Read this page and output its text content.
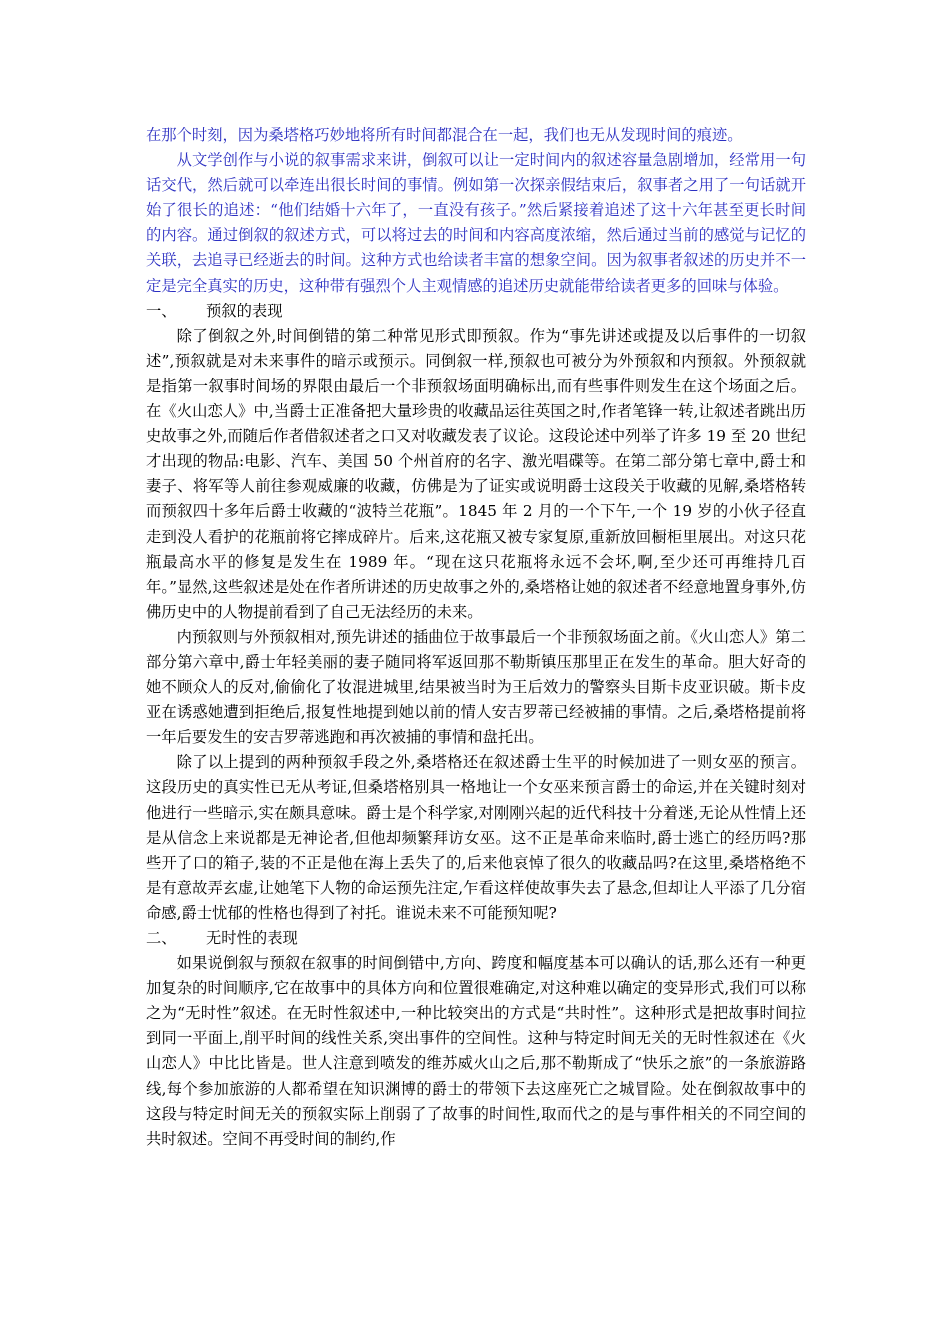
在那个时刻，因为桑塔格巧妙地将所有时间都混合在一起，我们也无从发现时间的痕迹。

从文学创作与小说的叙事需求来讲，倒叙可以让一定时间内的叙述容量急剧增加，经常用一句话交代，然后就可以牵连出很长时间的事情。例如第一次探亲假结束后，叙事者之用了一句话就开始了很长的追述：“他们结婚十六年了，一直没有孩子。”然后紧接着追述了这十六年甚至更长时间的内容。通过倒叙的叙述方式，可以将过去的时间和内容高度浓缩，然后通过当前的感觉与记忆的关联，去追寻已经逝去的时间。这种方式也给读者丰富的想象空间。因为叙事者叙述的历史并不一定是完全真实的历史，这种带有强烈个人主观情感的追述历史就能带给读者更多的回味与体验。

一、 预叙的表现

除了倒叙之外,时间倒错的第二种常见形式即预叙。作为“事先讲述或提及以后事件的一切叙述”,预叙就是对未来事件的暗示或预示。同倒叙一样,预叙也可被分为外预叙和内预叙。外预叙就是指第一叙事时间场的界限由最后一个非预叙场面明确标出,而有些事件则发生在这个场面之后。在《火山恋人》中,当爵士正准备把大量珍贵的收藏品运往英国之时,作者笔锋一转,让叙述者跳出历史故事之外,而随后作者借叙述者之口又对收藏发表了议论。这段论述中列举了许多 19 至 20 世纪才出现的物品:电影、汽车、美国 50 个州首府的名字、激光唱碟等。在第二部分第七章中,爵士和妻子、将军等人前往参观威廉的收藏，仿佛是为了证实或说明爵士这段关于收藏的见解,桑塔格转而预叙四十多年后爵士收藏的“波特兰花瓶”。1845 年 2 月的一个下午,一个 19 岁的小伙子径直走到没人看护的花瓶前将它摔成碎片。后来,这花瓶又被专家复原,重新放回橱柜里展出。对这只花瓶最高水平的修复是发生在 1989 年。“现在这只花瓶将永远不会坏,啊,至少还可再维持几百年。”显然,这些叙述是处在作者所讲述的历史故事之外的,桑塔格让她的叙述者不经意地置身事外,仿佛历史中的人物提前看到了自己无法经历的未来。

内预叙则与外预叙相对,预先讲述的插曲位于故事最后一个非预叙场面之前。《火山恋人》第二部分第六章中,爵士年轻美丽的妻子随同将军返回那不勒斯镇压那里正在发生的革命。胆大好奇的她不顾众人的反对,偷偷化了妆混进城里,结果被当时为王后效力的警察头目斯卡皮亚识破。斯卡皮亚在诱惑她遭到拒绝后,报复性地提到她以前的情人安吉罗蒂已经被捕的事情。之后,桑塔格提前将一年后要发生的安吉罗蒂逃跑和再次被捕的事情和盘托出。

除了以上提到的两种预叙手段之外,桑塔格还在叙述爵士生平的时候加进了一则女巫的预言。这段历史的真实性已无从考证,但桑塔格别具一格地让一个女巫来预言爵士的命运,并在关键时刻对他进行一些暗示,实在颇具意味。爵士是个科学家,对刚刚兴起的近代科技十分着迷,无论从性情上还是从信念上来说都是无神论者,但他却频繁拜访女巫。这不正是革命来临时,爵士逃亡的经历吗?那些开了口的箱子,装的不正是他在海上丢失了的,后来他哀悼了很久的收藏品吗?在这里,桑塔格绝不是有意故弄玄虚,让她笔下人物的命运预先注定,乍看这样使故事失去了悬念,但却让人平添了几分宿命感,爵士忧郁的性格也得到了衬托。谁说未来不可能预知呢?

二、 无时性的表现

如果说倒叙与预叙在叙事的时间倒错中,方向、跨度和幅度基本可以确认的话,那么还有一种更加复杂的时间顺序,它在故事中的具体方向和位置很难确定,对这种难以确定的变异形式,我们可以称之为“无时性”叙述。在无时性叙述中,一种比较突出的方式是“共时性”。这种形式是把故事时间拉到同一平面上,削平时间的线性关系,突出事件的空间性。这种与特定时间无关的无时性叙述在《火山恋人》中比比皆是。世人注意到喷发的维苏威火山之后,那不勒斯成了“快乐之旅”的一条旅游路线,每个参加旅游的人都希望在知识渊博的爵士的带领下去这座死亡之城冒险。处在倒叙故事中的这段与特定时间无关的预叙实际上削弱了了故事的时间性,取而代之的是与事件相关的不同空间的共时叙述。空间不再受时间的制约,作
